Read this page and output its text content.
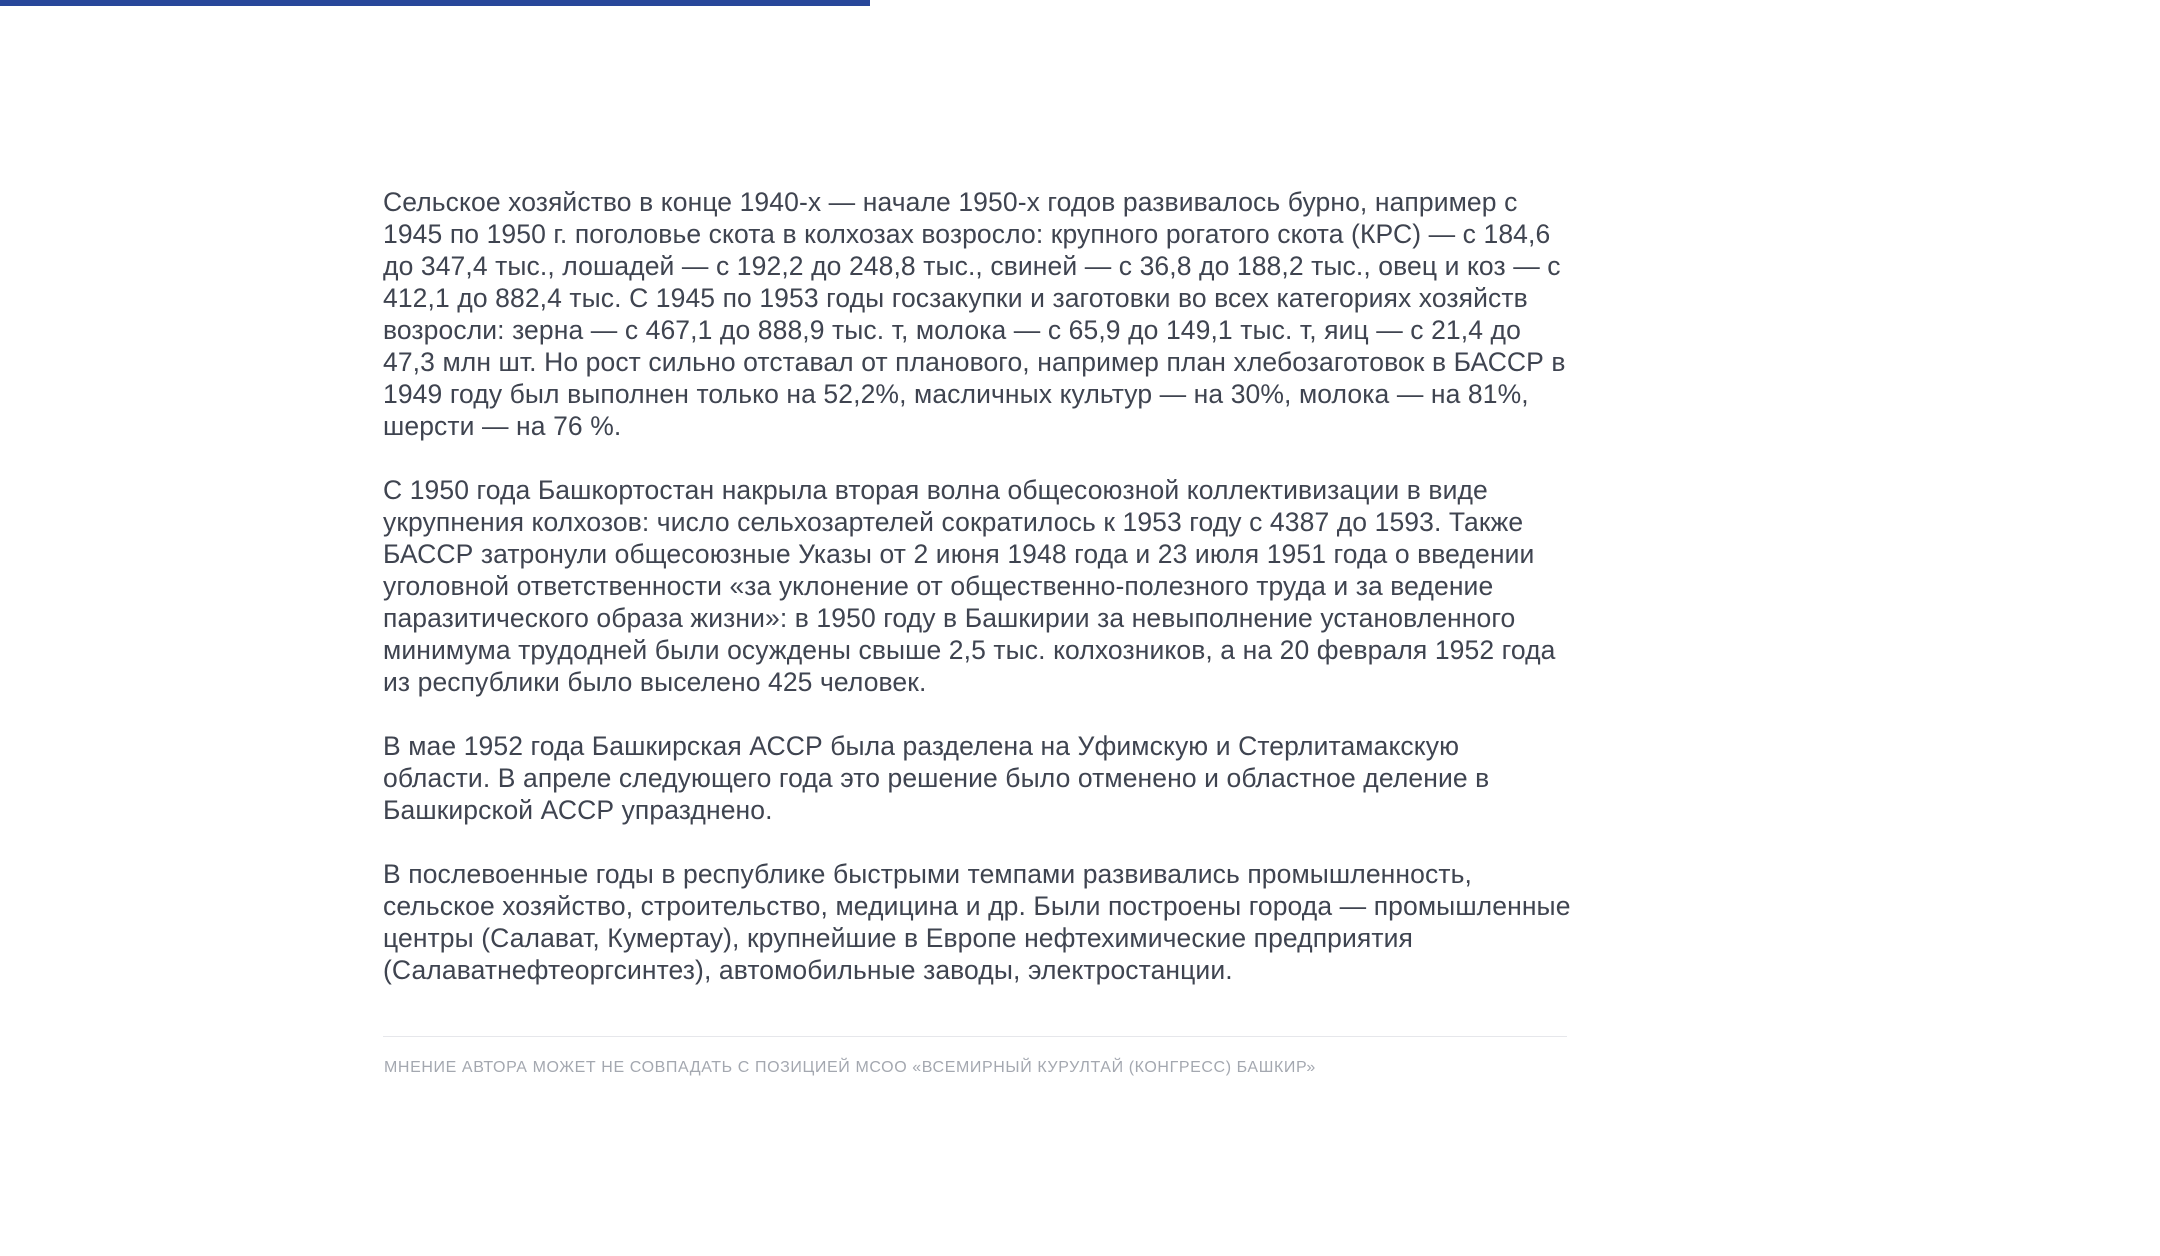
Сельское хозяйство в конце 1940-х — начале 1950-х годов развивалось бурно, например с 1945 по 1950 г. поголовье скота в колхозах возросло: крупного рогатого скота (КРС) — с 184,6 до 347,4 тыс., лошадей — с 192,2 до 248,8 тыс., свиней — с 36,8 до 188,2 тыс., овец и коз — с 412,1 до 882,4 тыс. С 1945 по 1953 годы госзакупки и заготовки во всех категориях хозяйств возросли: зерна — с 467,1 до 888,9 тыс. т, молока — с 65,9 до 149,1 тыс. т, яиц — с 21,4 до 47,3 млн шт. Но рост сильно отставал от планового, например план хлебозаготовок в БАССР в 1949 году был выполнен только на 52,2%, масличных культур — на 30%, молока — на 81%, шерсти — на 76 %.

С 1950 года Башкортостан накрыла вторая волна общесоюзной коллективизации в виде укрупнения колхозов: число сельхозартелей сократилось к 1953 году с 4387 до 1593. Также БАССР затронули общесоюзные Указы от 2 июня 1948 года и 23 июля 1951 года о введении уголовной ответственности «за уклонение от общественно-полезного труда и за ведение паразитического образа жизни»: в 1950 году в Башкирии за невыполнение установленного минимума трудодней были осуждены свыше 2,5 тыс. колхозников, а на 20 февраля 1952 года из республики было выселено 425 человек.

В мае 1952 года Башкирская АССР была разделена на Уфимскую и Стерлитамакскую области. В апреле следующего года это решение было отменено и областное деление в Башкирской АССР упразднено.

В послевоенные годы в республике быстрыми темпами развивались промышленность, сельское хозяйство, строительство, медицина и др. Были построены города — промышленные центры (Салават, Кумертау), крупнейшие в Европе нефтехимические предприятия (Салаватнефтеоргсинтез), автомобильные заводы, электростанции.

МНЕНИЕ АВТОРА МОЖЕТ НЕ СОВПАДАТЬ С ПОЗИЦИЕЙ МСОО «ВСЕМИРНЫЙ КУРУЛТАЙ (КОНГРЕСС) БАШКИР»
